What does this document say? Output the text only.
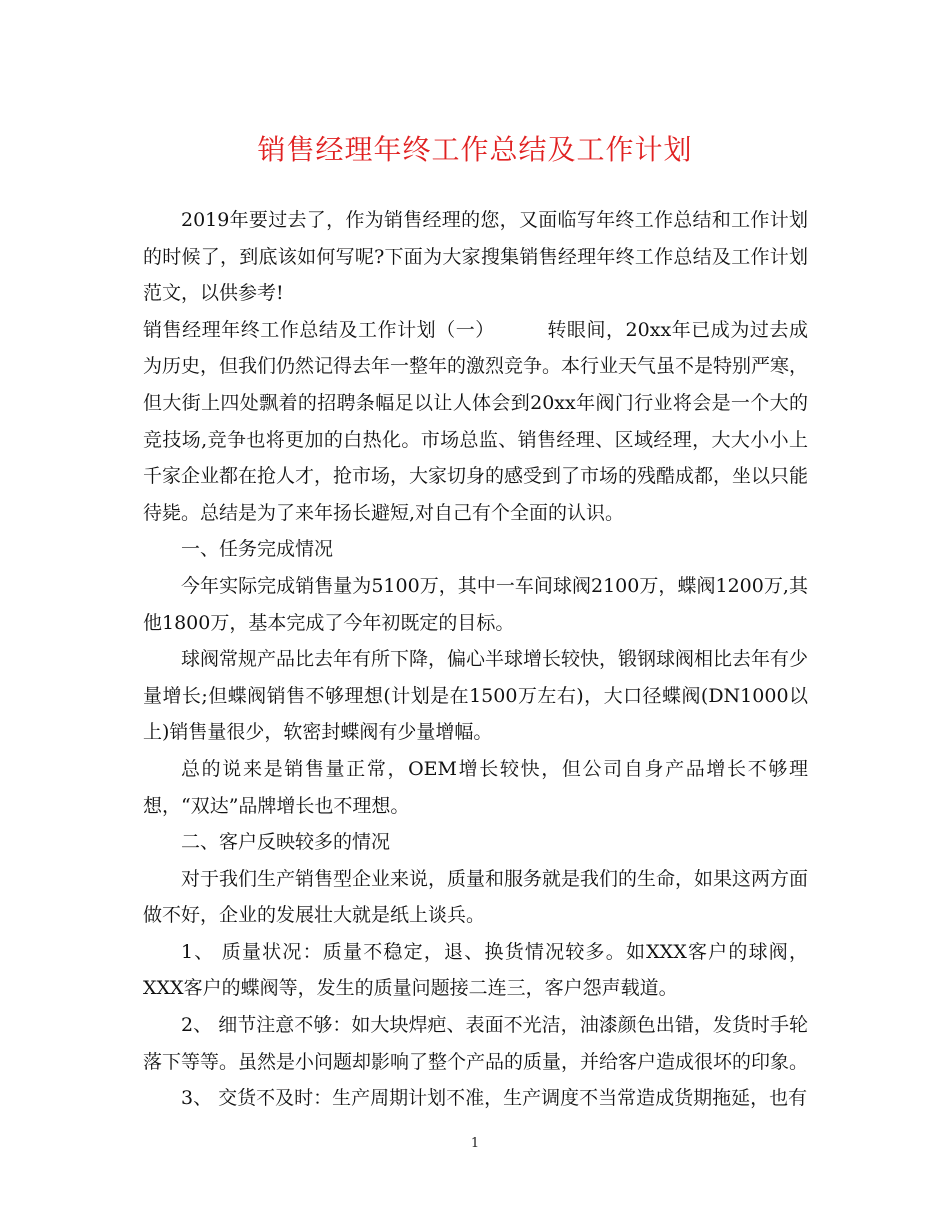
销售经理年终工作总结及工作计划

2019年要过去了，作为销售经理的您，又面临写年终工作总结和工作计划的时候了，到底该如何写呢?下面为大家搜集销售经理年终工作总结及工作计划范文，以供参考!

销售经理年终工作总结及工作计划（一）	转眼间，20xx年已成为过去成为历史，但我们仍然记得去年一整年的激烈竞争。本行业天气虽不是特别严寒，但大街上四处飘着的招聘条幅足以让人体会到20xx年阀门行业将会是一个大的竞技场,竞争也将更加的白热化。市场总监、销售经理、区域经理，大大小小上千家企业都在抢人才，抢市场，大家切身的感受到了市场的残酷成都，坐以只能待毙。总结是为了来年扬长避短,对自己有个全面的认识。

一、任务完成情况

今年实际完成销售量为5100万，其中一车间球阀2100万，蝶阀1200万,其他1800万，基本完成了今年初既定的目标。

球阀常规产品比去年有所下降，偏心半球增长较快，锻钢球阀相比去年有少量增长;但蝶阀销售不够理想(计划是在1500万左右)，大口径蝶阀(DN1000以上)销售量很少，软密封蝶阀有少量增幅。

总的说来是销售量正常，OEM增长较快，但公司自身产品增长不够理想，“双达”品牌增长也不理想。

二、客户反映较多的情况

对于我们生产销售型企业来说，质量和服务就是我们的生命，如果这两方面做不好，企业的发展壮大就是纸上谈兵。

1、 质量状况：质量不稳定，退、换货情况较多。如XXX客户的球阀，XXX客户的蝶阀等，发生的质量问题接二连三，客户怨声载道。

2、 细节注意不够：如大块焊疤、表面不光洁，油漆颜色出错，发货时手轮落下等等。虽然是小问题却影响了整个产品的质量，并给客户造成很坏的印象。

3、 交货不及时：生产周期计划不准，生产调度不当常造成货期拖延，也有

1
